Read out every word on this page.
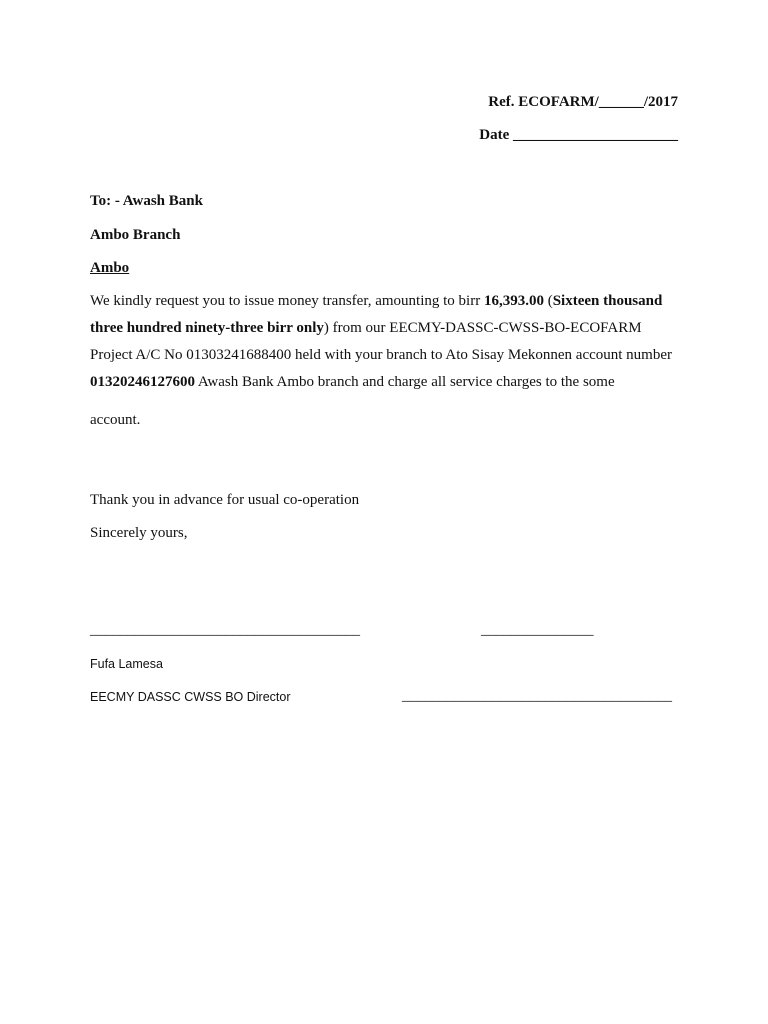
Ref. ECOFARM/______/2017
Date ______________________
To: - Awash Bank
Ambo Branch
Ambo
We kindly request you to issue money transfer, amounting to birr 16,393.00 (Sixteen thousand three hundred ninety-three birr only) from our EECMY-DASSC-CWSS-BO-ECOFARM Project A/C No 01303241688400 held with your branch to Ato Sisay Mekonnen account number 01320246127600 Awash Bank Ambo branch and charge all service charges to the some
account.
Thank you in advance for usual co-operation
Sincerely yours,
____________________________________	_______________
Fufa Lamesa
EECMY DASSC CWSS BO Director	____________________________________
